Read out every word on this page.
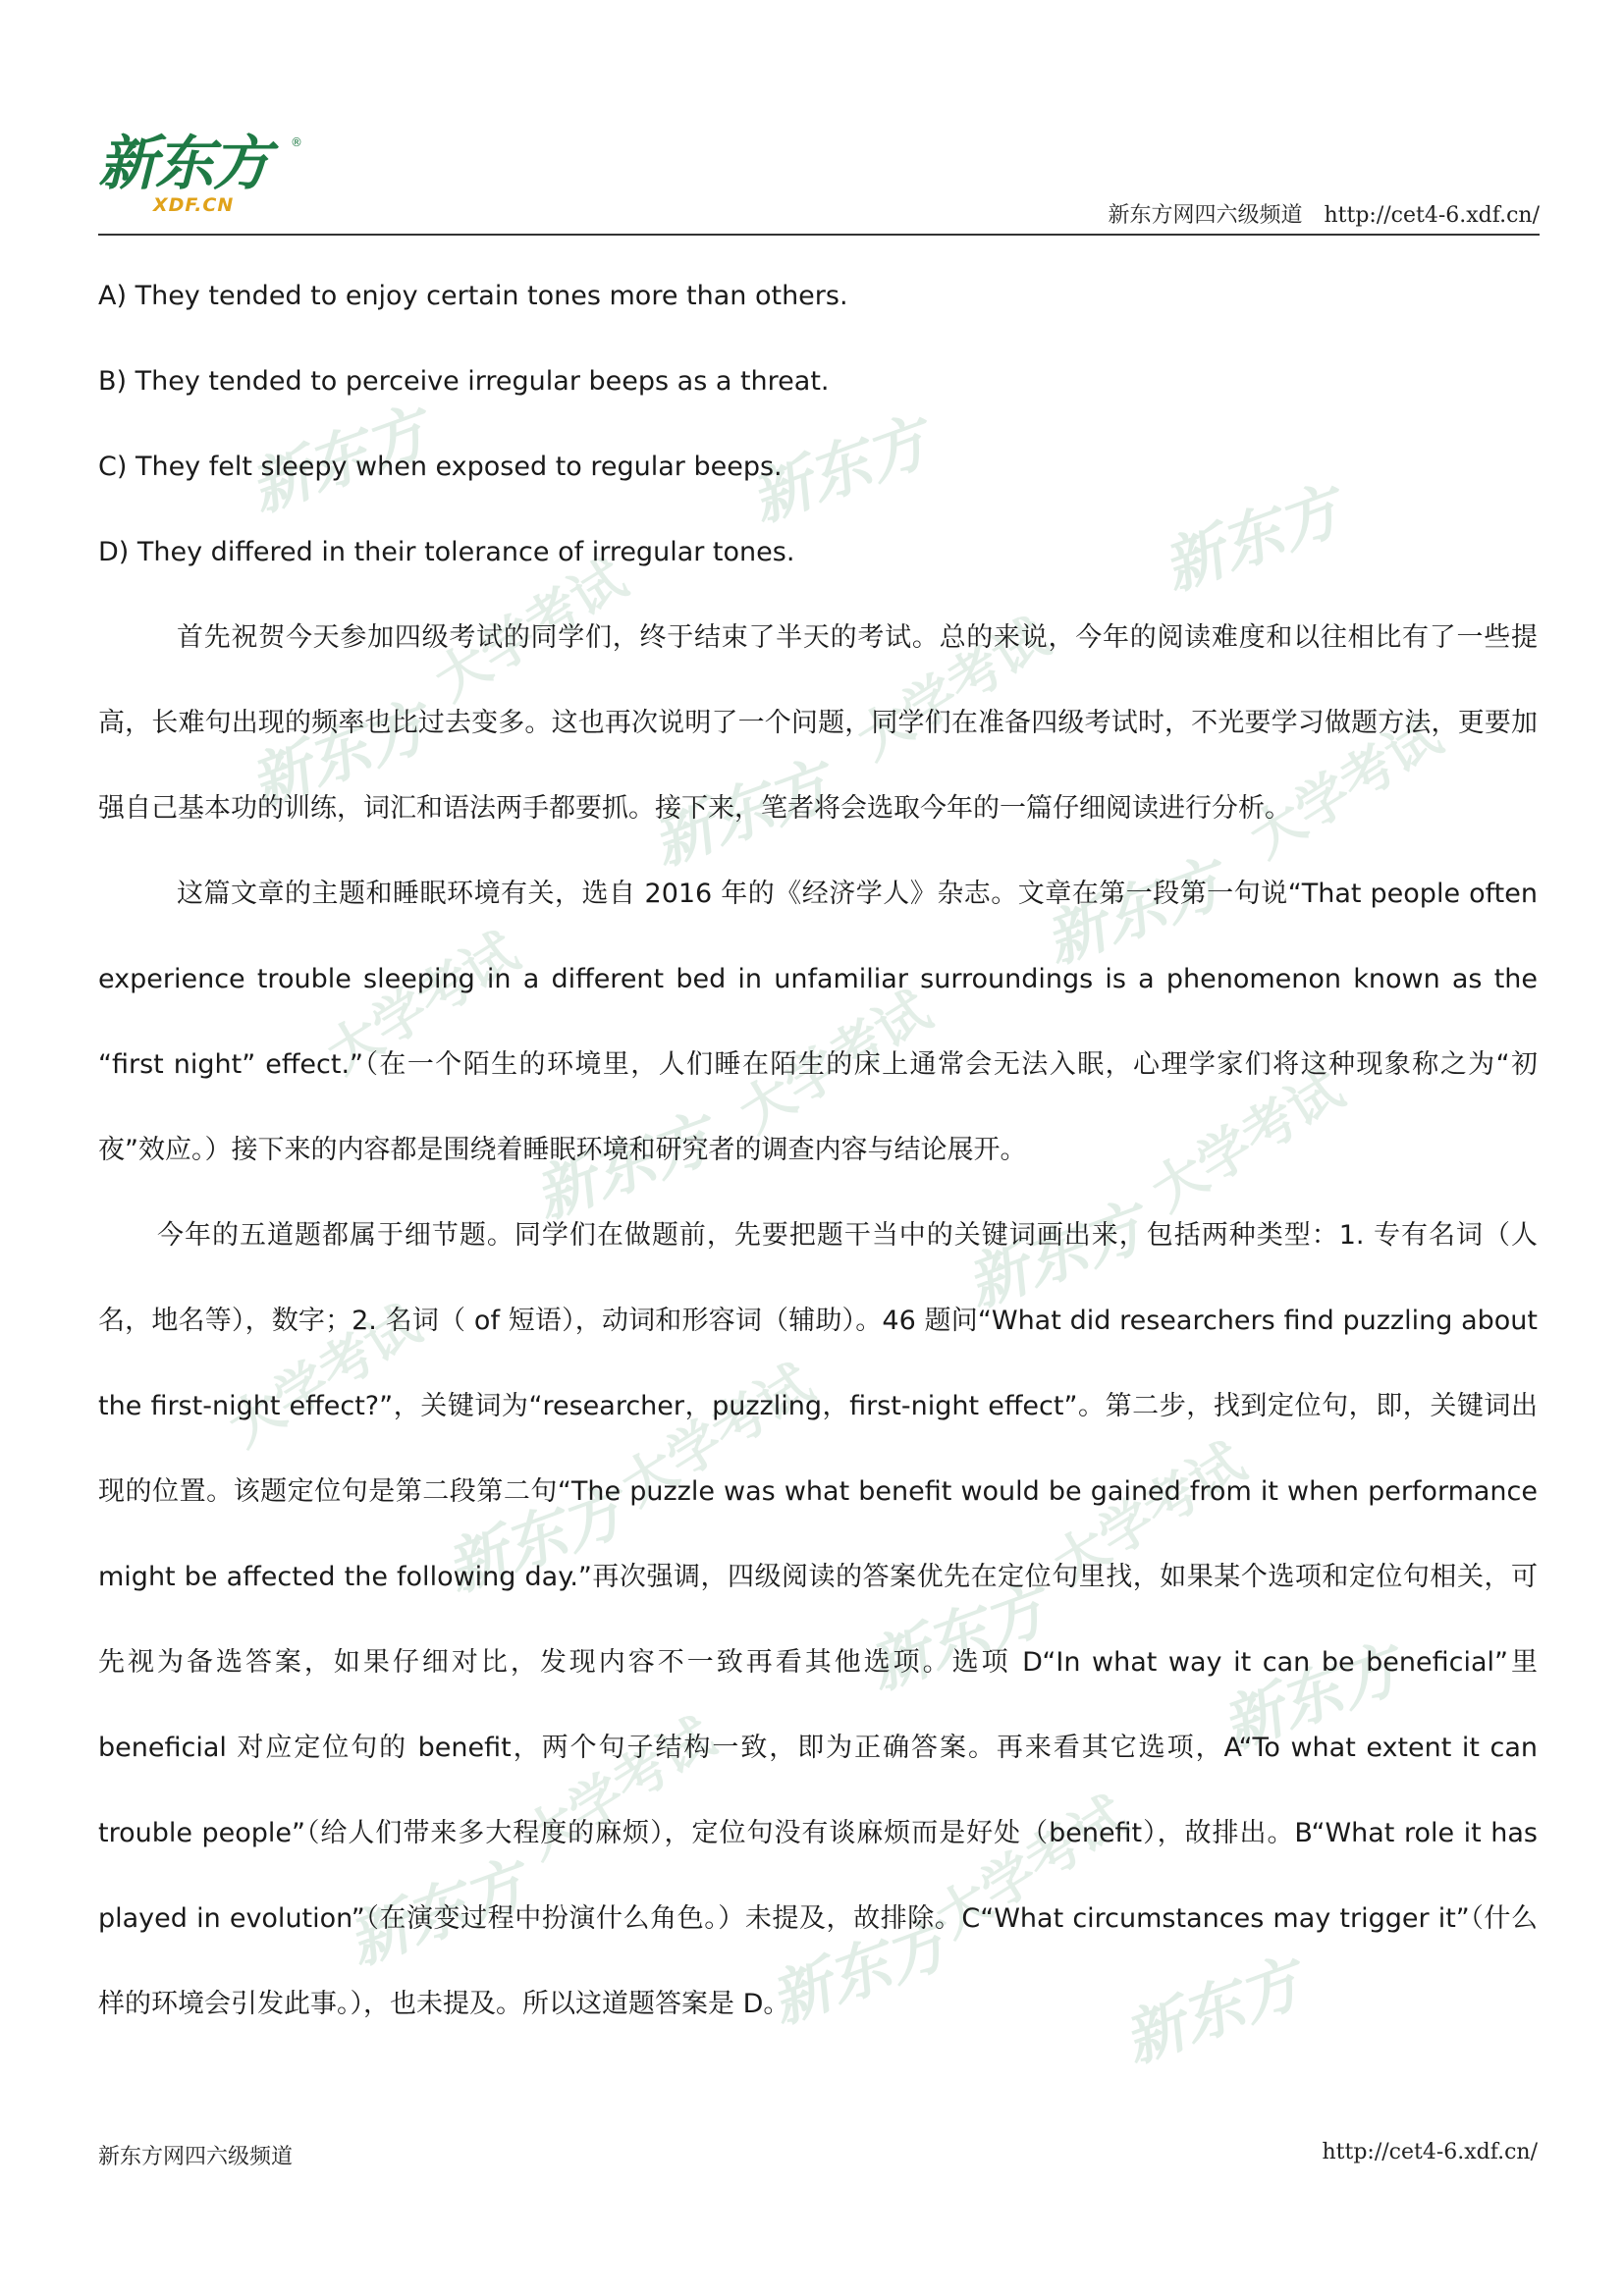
新东方	新东方
新东方
新东方	新东方
新东方
新东方
新东方
新东方
新东方	新东方
新东方	新东方	新东方
大学考试	大学考试
大学考试
大学考试	大学考试	大学考试
大学考试	大学考试	大学考试
大学考试	大学考试
新东方
XDF.CN
®
新东方网四六级频道 http://cet4-6.xdf.cn/

A) They tended to enjoy certain tones more than others.

B) They tended to perceive irregular beeps as a threat.

C) They felt sleepy when exposed to regular beeps.

D) They differed in their tolerance of irregular tones.

首先祝贺今天参加四级考试的同学们，终于结束了半天的考试。总的来说，今年的阅读难度和以往相比有了一些提高，长难句出现的频率也比过去变多。这也再次说明了一个问题，同学们在准备四级考试时，不光要学习做题方法，更要加强自己基本功的训练，词汇和语法两手都要抓。接下来，笔者将会选取今年的一篇仔细阅读进行分析。

这篇文章的主题和睡眠环境有关，选自 2016 年的《经济学人》杂志。文章在第一段第一句说“That people often experience trouble sleeping in a different bed in unfamiliar surroundings is a phenomenon known as the “first night” effect.”（在一个陌生的环境里，人们睡在陌生的床上通常会无法入眠，心理学家们将这种现象称之为“初夜”效应。）接下来的内容都是围绕着睡眠环境和研究者的调查内容与结论展开。

今年的五道题都属于细节题。同学们在做题前，先要把题干当中的关键词画出来，包括两种类型：1. 专有名词（人名，地名等），数字；2. 名词（ of 短语），动词和形容词（辅助）。46 题问“What did researchers find puzzling about the first-night effect?”，关键词为“researcher，puzzling，first-night effect”。第二步，找到定位句，即，关键词出现的位置。该题定位句是第二段第二句“The puzzle was what benefit would be gained from it when performance might be affected the following day.”再次强调，四级阅读的答案优先在定位句里找，如果某个选项和定位句相关，可先视为备选答案，如果仔细对比，发现内容不一致再看其他选项。选项 D“In what way it can be beneficial”里 beneficial 对应定位句的 benefit，两个句子结构一致，即为正确答案。再来看其它选项，A“To what extent it can trouble people”（给人们带来多大程度的麻烦），定位句没有谈麻烦而是好处（benefit），故排出。B“What role it has played in evolution”（在演变过程中扮演什么角色。）未提及，故排除。C“What circumstances may trigger it”（什么样的环境会引发此事。），也未提及。所以这道题答案是 D。

新东方网四六级频道	http://cet4-6.xdf.cn/
